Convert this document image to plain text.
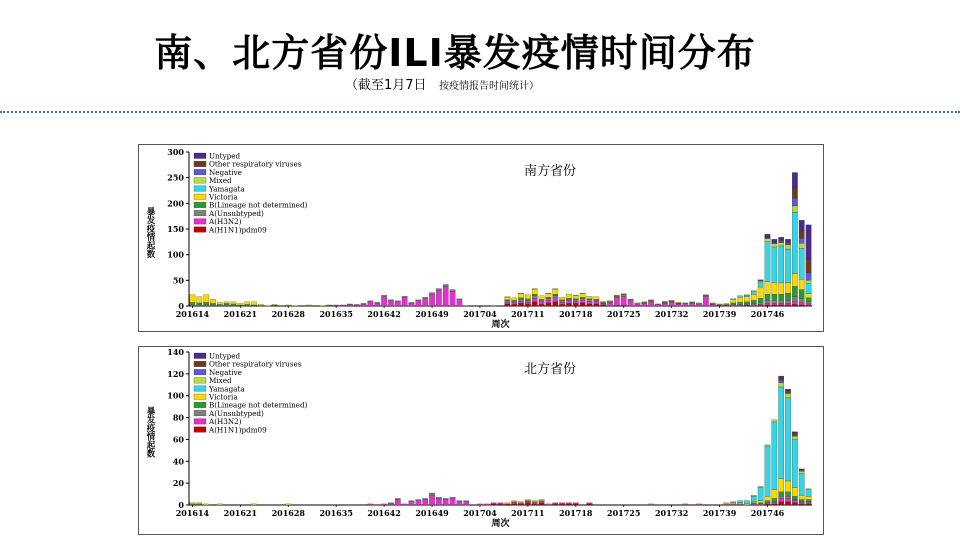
南、北方省份ILI暴发疫情时间分布
（截至1月7日 按疫情报告时间统计）
0
50
100
150
200
250
300
201614 201621 201628 201635 201642 201649 201704 201711 201718 201725 201732 201739 201746
周次
暴发疫情起数
Untyped
Other respiratory viruses
Negative
Mixed
Yamagata
Victoria
B(Lineage not determined)
A(Unsubtyped)
A(H3N2)
A(H1N1)pdm09
南方省份
0
20
40
60
80
100
120
140
201614 201621 201628 201635 201642 201649 201704 201711 201718 201725 201732 201739 201746
周次
暴发疫情起数
Untyped
Other respiratory viruses
Negative
Mixed
Yamagata
Victoria
B(Lineage not determined)
A(Unsubtyped)
A(H3N2)
A(H1N1)pdm09
北方省份
